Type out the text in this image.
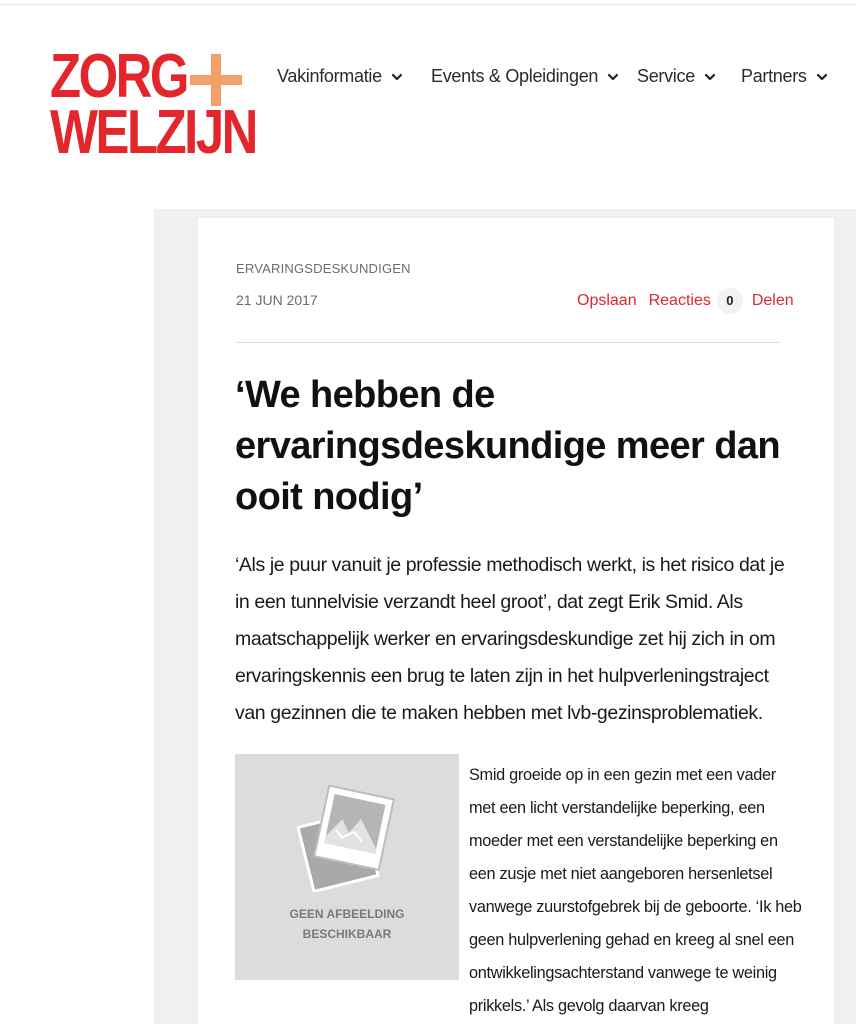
ZORG
WELZIJN
Vakinformatie	Events & Opleidingen Service	Partners
ERVARINGSDESKUNDIGEN
21 JUN 2017	Opslaan Reacties	0	Delen
‘We hebben de ervaringsdeskundige meer dan ooit nodig’

‘Als je puur vanuit je professie methodisch werkt, is het risico dat je in een tunnelvisie verzandt heel groot’, dat zegt Erik Smid. Als maatschappelijk werker en ervaringsdeskundige zet hij zich in om ervaringskennis een brug te laten zijn in het hulpverleningstraject van gezinnen die te maken hebben met lvb-gezinsproblematiek.

GEEN AFBEELDING
BESCHIKBAAR

Smid groeide op in een gezin met een vader met een licht verstandelijke beperking, een moeder met een verstandelijke beperking en een zusje met niet aangeboren hersenletsel vanwege zuurstofgebrek bij de geboorte. ‘Ik heb geen hulpverlening gehad en kreeg al snel een ontwikkelingsachterstand vanwege te weinig prikkels.’ Als gevolg daarvan kreeg
